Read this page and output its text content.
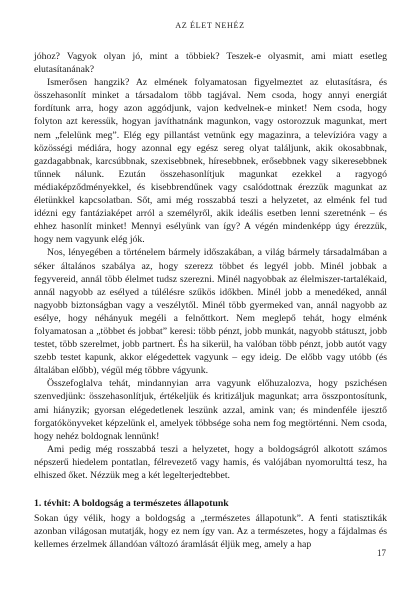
AZ ÉLET NEHÉZ

jóhoz? Vagyok olyan jó, mint a többiek? Teszek-e olyasmit, ami miatt esetleg elutasítanának?

Ismerősen hangzik? Az elmének folyamatosan figyelmeztet az elutasításra, és összehasonlít minket a társadalom több tagjával. Nem csoda, hogy annyi energiát fordítunk arra, hogy azon aggódjunk, vajon kedvelnek-e minket! Nem csoda, hogy folyton azt keressük, hogyan javíthatnánk magunkon, vagy ostorozzuk magunkat, mert nem „felelünk meg”. Elég egy pillantást vetnünk egy magazinra, a televízióra vagy a közösségi médiára, hogy azonnal egy egész sereg olyat találjunk, akik okosabbnak, gazdagabbnak, karcsúbbnak, szexisebbnek, híresebbnek, erősebbnek vagy sikeresebbnek tűnnek nálunk. Ezután összehasonlítjuk magunkat ezekkel a ragyogó médiaképződményekkel, és kisebbrendűnek vagy csalódottnak érezzük magunkat az életünkkel kapcsolatban. Sőt, ami még rosszabbá teszi a helyzetet, az elménk fel tud idézni egy fantáziaképet arról a személyről, akik ideális esetben lenni szeretnénk – és ehhez hasonlít minket! Mennyi esélyünk van így? A végén mindenképp úgy érezzük, hogy nem vagyunk elég jók.

Nos, lényegében a történelem bármely időszakában, a világ bármely társadalmában a séker általános szabálya az, hogy szerezz többet és legyél jobb. Minél jobbak a fegyvereid, annál több élelmet tudsz szerezni. Minél nagyobbak az élelmiszer-tartalékaid, annál nagyobb az esélyed a túlélésre szűkös időkben. Minél jobb a menedéked, annál nagyobb biztonságban vagy a veszélytől. Minél több gyermeked van, annál nagyobb az esélye, hogy néhányuk megéli a felnőttkort. Nem meglepő tehát, hogy elménk folyamatosan a „többet és jobbat” keresi: több pénzt, jobb munkát, nagyobb státuszt, jobb testet, több szerelmet, jobb partnert. És ha sikerül, ha valóban több pénzt, jobb autót vagy szebb testet kapunk, akkor elégedettek vagyunk – egy ideig. De előbb vagy utóbb (és általában előbb), végül még többre vágyunk.

Összefoglalva tehát, mindannyian arra vagyunk előhuzalozva, hogy pszichésen szenvedjünk: összehasonlítjuk, értékeljük és kritizáljuk magunkat; arra összpontosítunk, ami hiányzik; gyorsan elégedetlenek leszünk azzal, amink van; és mindenféle ijesztő forgatókönyveket képzelünk el, amelyek többsége soha nem fog megtörténni. Nem csoda, hogy nehéz boldognak lennünk!

Ami pedig még rosszabbá teszi a helyzetet, hogy a boldogságról alkotott számos népszerű hiedelem pontatlan, félrevezető vagy hamis, és valójában nyomorulttá tesz, ha elhiszed őket. Nézzük meg a két legelterjedtebbet.

1. tévhit: A boldogság a természetes állapotunk

Sokan úgy vélik, hogy a boldogság a „természetes állapotunk”. A fenti statisztikák azonban világosan mutatják, hogy ez nem így van. Az a természetes, hogy a fájdalmas és kellemes érzelmek állandóan változó áramlását éljük meg, amely a hap

17
